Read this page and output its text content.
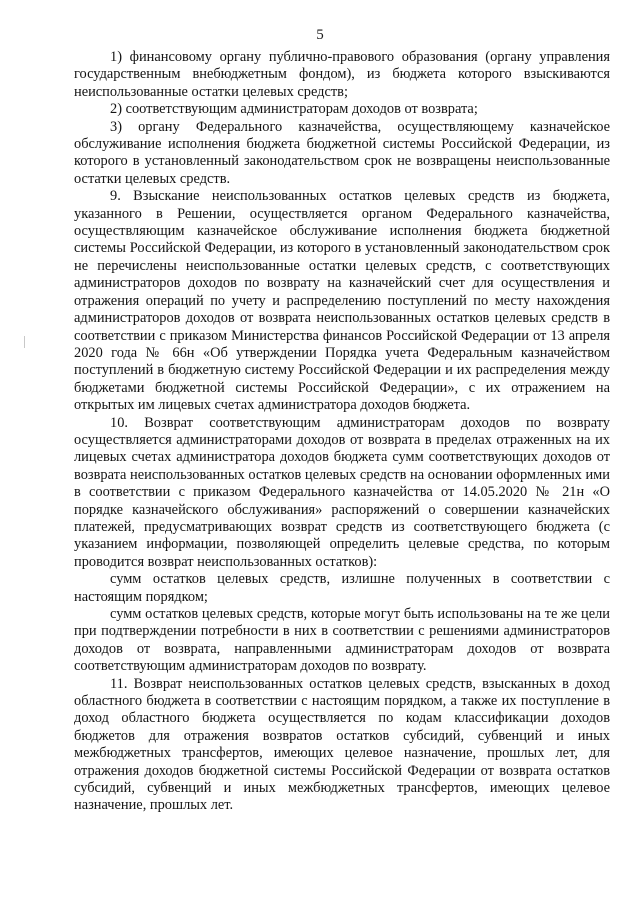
5

1) финансовому органу публично-правового образования (органу управления государственным внебюджетным фондом), из бюджета которого взыскиваются неиспользованные остатки целевых средств;

2) соответствующим администраторам доходов от возврата;

3) органу Федерального казначейства, осуществляющему казначейское обслуживание исполнения бюджета бюджетной системы Российской Федерации, из которого в установленный законодательством срок не возвращены неиспользованные остатки целевых средств.

9. Взыскание неиспользованных остатков целевых средств из бюджета, указанного в Решении, осуществляется органом Федерального казначейства, осуществляющим казначейское обслуживание исполнения бюджета бюджетной системы Российской Федерации, из которого в установленный законодательством срок не перечислены неиспользованные остатки целевых средств, с соответствующих администраторов доходов по возврату на казначейский счет для осуществления и отражения операций по учету и распределению поступлений по месту нахождения администраторов доходов от возврата неиспользованных остатков целевых средств в соответствии с приказом Министерства финансов Российской Федерации от 13 апреля 2020 года № 66н «Об утверждении Порядка учета Федеральным казначейством поступлений в бюджетную систему Российской Федерации и их распределения между бюджетами бюджетной системы Российской Федерации», с их отражением на открытых им лицевых счетах администратора доходов бюджета.

10. Возврат соответствующим администраторам доходов по возврату осуществляется администраторами доходов от возврата в пределах отраженных на их лицевых счетах администратора доходов бюджета сумм соответствующих доходов от возврата неиспользованных остатков целевых средств на основании оформленных ими в соответствии с приказом Федерального казначейства от 14.05.2020 № 21н «О порядке казначейского обслуживания» распоряжений о совершении казначейских платежей, предусматривающих возврат средств из соответствующего бюджета (с указанием информации, позволяющей определить целевые средства, по которым проводится возврат неиспользованных остатков):

сумм остатков целевых средств, излишне полученных в соответствии с настоящим порядком;

сумм остатков целевых средств, которые могут быть использованы на те же цели при подтверждении потребности в них в соответствии с решениями администраторов доходов от возврата, направленными администраторам доходов от возврата соответствующим администраторам доходов по возврату.

11. Возврат неиспользованных остатков целевых средств, взысканных в доход областного бюджета в соответствии с настоящим порядком, а также их поступление в доход областного бюджета осуществляется по кодам классификации доходов бюджетов для отражения возвратов остатков субсидий, субвенций и иных межбюджетных трансфертов, имеющих целевое назначение, прошлых лет, для отражения доходов бюджетной системы Российской Федерации от возврата остатков субсидий, субвенций и иных межбюджетных трансфертов, имеющих целевое назначение, прошлых лет.
